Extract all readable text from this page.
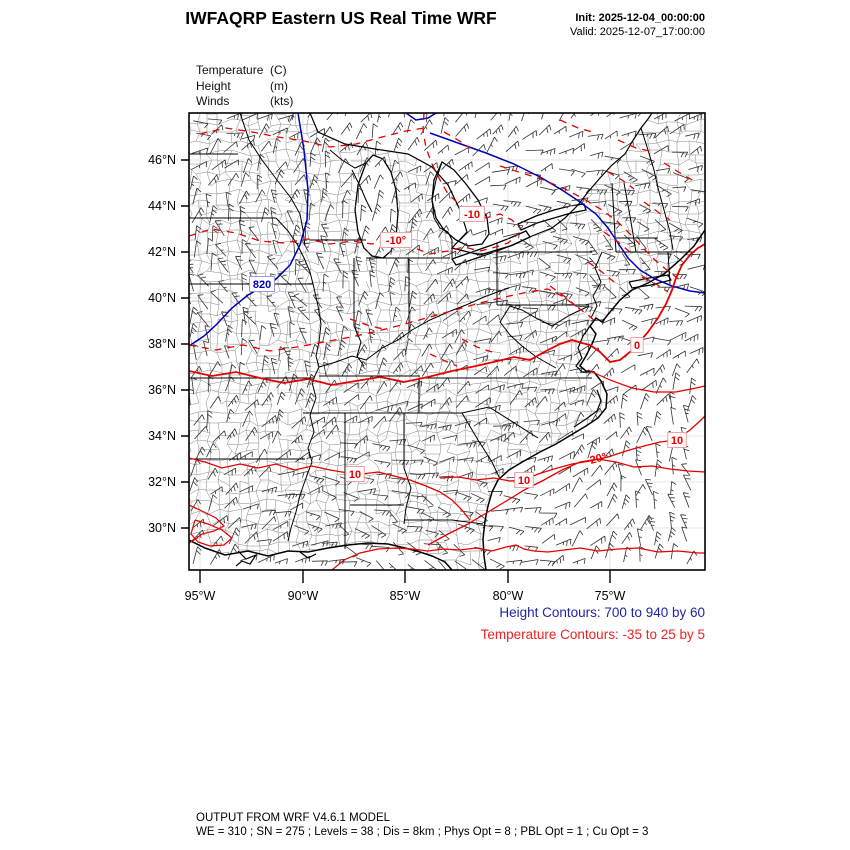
IWFAQRP Eastern US Real Time WRF	Init: 2025-12-04_00:00:00
Valid: 2025-12-07_17:00:00
Temperature (C)
Height	(m)
Winds	(kts)
46°N
44°N
42°N
40°N
38°N
36°N
34°N
32°N
30°N
95°W	90°W	85°W	80°W	75°W
820
-10°
-10
10	10
10
0
20°
Height Contours: 700 to 940 by 60
Temperature Contours: -35 to 25 by 5
OUTPUT FROM WRF V4.6.1 MODEL
WE = 310 ; SN = 275 ; Levels = 38 ; Dis = 8km ; Phys Opt = 8 ; PBL Opt = 1 ; Cu Opt = 3
